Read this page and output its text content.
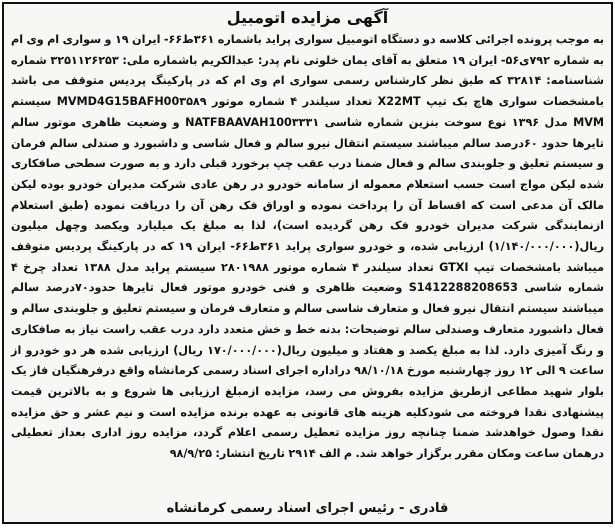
آگهی مزایده اتومبیل

به موجب پرونده اجرائی کلاسه دو دستگاه اتومبیل سواری پراید باشماره ۳۶۱ط۶۶- ایران ۱۹ و سواری ام وی ام به شماره ۷۹۲ی۵۶- ایران ۱۹ متعلق به آقای یمان خلوتی نام پدر: عبدالکریم باشماره ملی: ۳۲۵۱۱۲۶۲۵۳ شماره شناسنامه: ۳۲۸۱۴ که طبق نظر کارشناس رسمی سواری ام وی ام که در پارکینگ پردیس متوقف می باشد بامشخصات سواری هاچ بک تیپ X22MT تعداد سیلندر ۴ شماره موتور MVMD4G15BAFH00۳۵۸۹ سیستم MVM مدل ۱۳۹۶ نوع سوخت بنزین شماره شاسی NATFBAAVAH100۳۳۳۱ و وضعیت ظاهری موتور سالم تایرها حدود ۶۰درصد سالم میباشند سیستم انتقال نیرو سالم و فعال شاسی و داشبورد و صندلی سالم فرمان و سیستم تعلیق و جلوبندی سالم و فعال ضمنا درب عقب چپ برخورد قبلی دارد و به صورت سطحی صافکاری شده لیکن مواج است حسب استعلام معموله از سامانه خودرو در رهن عادی شرکت مدیران خودرو بوده لیکن مالک آن مدعی است که اقساط آن را پرداخت نموده و اوراق فک رهن آن را دریافت نموده (طبق استعلام ازنمایندگی شرکت مدیران خودرو فک رهن گردیده است)، لذا به مبلغ یک میلیارد ویکصد وچهل میلیون ریال(۱/۱۴۰/۰۰۰/۰۰۰) ارزیابی شده، و خودرو سواری پراید ۳۶۱ط۶۶- ایران ۱۹ که در پارکینگ پردیس متوقف میباشد بامشخصات تیپ GTXI تعداد سیلندر ۴ شماره موتور ۲۸۰۱۹۸۸ سیستم پراید مدل ۱۳۸۸ تعداد چرخ ۴ شماره شاسی S1412288208653 وضعیت ظاهری و فنی خودرو موتور فعال تایرها حدود۷۰درصد سالم میباشند سیستم انتقال نیرو فعال و متعارف شاسی سالم و متعارف فرمان و سیستم تعلیق و جلوبندی سالم و فعال داشبورد متعارف وصندلی سالم توضیحات: بدنه خط و خش متعدد دارد درب عقب راست نیاز به صافکاری و رنگ آمیزی دارد. لذا به مبلغ یکصد و هفتاد و میلیون ریال(۱۷۰/۰۰۰/۰۰۰ ریال) ارزیابی شده هر دو خودرو از ساعت ۹ الی ۱۲ روز چهارشنبه مورخ ۹۸/۱۰/۱۸ دراداره اجرای اسناد رسمی کرمانشاه واقع درفرهنگیان فاز یک بلوار شهید مطاعی ازطریق مزایده بفروش می رسد، مزایده ازمبلغ ارزیابی ها شروع و به بالاترین قیمت پیشنهادی نقدا فروخته می شودکلیه هزینه های قانونی به عهده برنده مزایده است و نیم عشر و حق مزایده نقدا وصول خواهدشد ضمنا چنانچه روز مزایده تعطیل رسمی اعلام گردد، مزایده روز اداری بعداز تعطیلی درهمان ساعت ومکان مقرر برگزار خواهد شد. م الف ۲۹۱۴ تاریخ انتشار: ۹۸/۹/۲۵

قادری - رئیس اجرای اسناد رسمی کرمانشاه
